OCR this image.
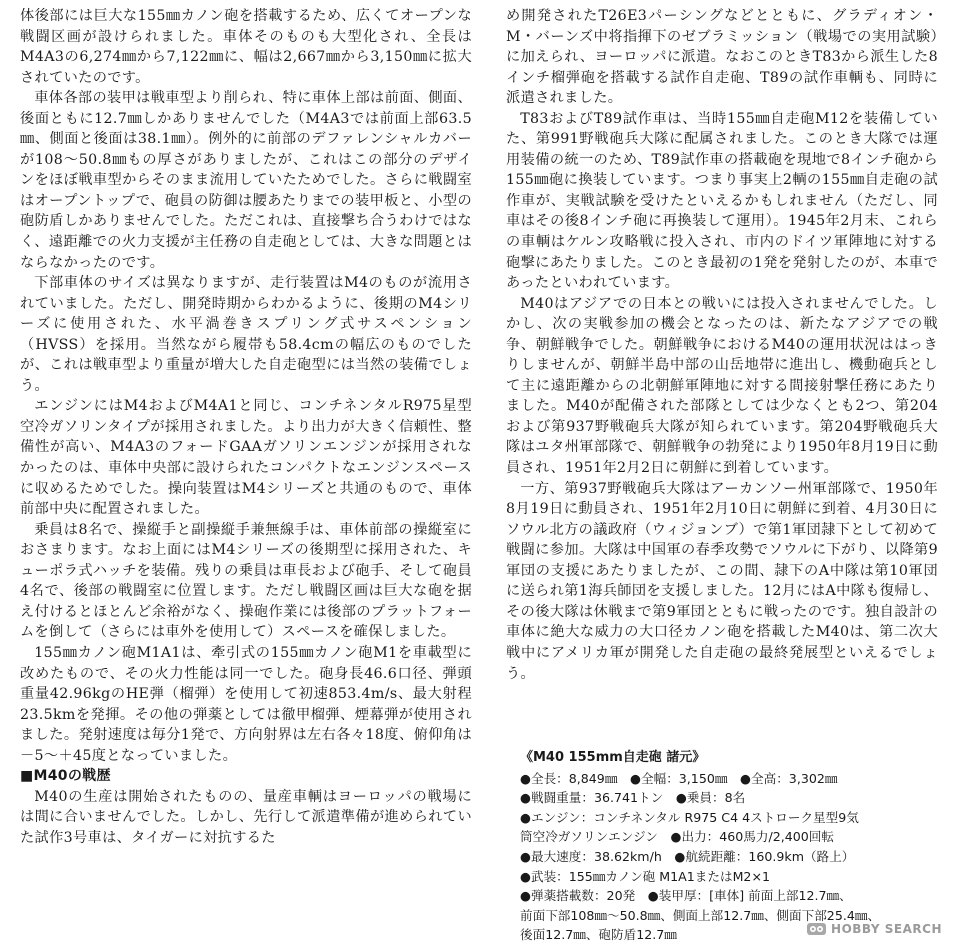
体後部には巨大な155㎜カノン砲を搭載するため、広くてオープンな戦闘区画が設けられました。車体そのものも大型化され、全長はM4A3の6,274㎜から7,122㎜に、幅は2,667㎜から3,150㎜に拡大されていたのです。

車体各部の装甲は戦車型より削られ、特に車体上部は前面、側面、後面ともに12.7㎜しかありませんでした（M4A3では前面上部63.5㎜、側面と後面は38.1㎜）。例外的に前部のデファレンシャルカバーが108～50.8㎜もの厚さがありましたが、これはこの部分のデザインをほぼ戦車型からそのまま流用していたためでした。さらに戦闘室はオープントップで、砲員の防御は腰あたりまでの装甲板と、小型の砲防盾しかありませんでした。ただこれは、直接撃ち合うわけではなく、遠距離での火力支援が主任務の自走砲としては、大きな問題とはならなかったのです。

下部車体のサイズは異なりますが、走行装置はM4のものが流用されていました。ただし、開発時期からわかるように、後期のM4シリーズに使用された、水平渦巻きスプリング式サスペンション（HVSS）を採用。当然ながら履帯も58.4cmの幅広のものでしたが、これは戦車型より重量が増大した自走砲型には当然の装備でしょう。

エンジンにはM4およびM4A1と同じ、コンチネンタルR975星型空冷ガソリンタイプが採用されました。より出力が大きく信頼性、整備性が高い、M4A3のフォードGAAガソリンエンジンが採用されなかったのは、車体中央部に設けられたコンパクトなエンジンスペースに収めるためでした。操向装置はM4シリーズと共通のもので、車体前部中央に配置されました。

乗員は8名で、操縦手と副操縦手兼無線手は、車体前部の操縦室におさまります。なお上面にはM4シリーズの後期型に採用された、キューポラ式ハッチを装備。残りの乗員は車長および砲手、そして砲員4名で、後部の戦闘室に位置します。ただし戦闘区画は巨大な砲を据え付けるとほとんど余裕がなく、操砲作業には後部のプラットフォームを倒して（さらには車外を使用して）スペースを確保しました。

155㎜カノン砲M1A1は、牽引式の155㎜カノン砲M1を車載型に改めたもので、その火力性能は同一でした。砲身長46.6口径、弾頭重量42.96kgのHE弾（榴弾）を使用して初速853.4m/s、最大射程23.5kmを発揮。その他の弾薬としては徹甲榴弾、煙幕弾が使用されました。発射速度は毎分1発で、方向射界は左右各々18度、俯仰角は－5～＋45度となっていました。

■M40の戦歴

M40の生産は開始されたものの、量産車輌はヨーロッパの戦場には間に合いませんでした。しかし、先行して派遣準備が進められていた試作3号車は、タイガーに対抗するた

め開発されたT26E3パーシングなどとともに、グラディオン・M・バーンズ中将指揮下のゼブラミッション（戦場での実用試験）に加えられ、ヨーロッパに派遣。なおこのときT83から派生した8インチ榴弾砲を搭載する試作自走砲、T89の試作車輌も、同時に派遣されました。

T83およびT89試作車は、当時155㎜自走砲M12を装備していた、第991野戦砲兵大隊に配属されました。このとき大隊では運用装備の統一のため、T89試作車の搭載砲を現地で8インチ砲から155㎜砲に換装しています。つまり事実上2輌の155㎜自走砲の試作車が、実戦試験を受けたといえるかもしれません（ただし、同車はその後8インチ砲に再換装して運用）。1945年2月末、これらの車輌はケルン攻略戦に投入され、市内のドイツ軍陣地に対する砲撃にあたりました。このとき最初の1発を発射したのが、本車であったといわれています。

M40はアジアでの日本との戦いには投入されませんでした。しかし、次の実戦参加の機会となったのは、新たなアジアでの戦争、朝鮮戦争でした。朝鮮戦争におけるM40の運用状況ははっきりしませんが、朝鮮半島中部の山岳地帯に進出し、機動砲兵として主に遠距離からの北朝鮮軍陣地に対する間接射撃任務にあたりました。M40が配備された部隊としては少なくとも2つ、第204および第937野戦砲兵大隊が知られています。第204野戦砲兵大隊はユタ州軍部隊で、朝鮮戦争の勃発により1950年8月19日に動員され、1951年2月2日に朝鮮に到着しています。

一方、第937野戦砲兵大隊はアーカンソー州軍部隊で、1950年8月19日に動員され、1951年2月10日に朝鮮に到着、4月30日にソウル北方の議政府（ウィジョンブ）で第1軍団隷下として初めて戦闘に参加。大隊は中国軍の春季攻勢でソウルに下がり、以降第9軍団の支援にあたりましたが、この間、隷下のA中隊は第10軍団に送られ第1海兵師団を支援しました。12月にはA中隊も復帰し、その後大隊は休戦まで第9軍団とともに戦ったのです。独自設計の車体に絶大な威力の大口径カノン砲を搭載したM40は、第二次大戦中にアメリカ軍が開発した自走砲の最終発展型といえるでしょう。

《M40 155mm自走砲 諸元》
●全長：8,849㎜　 ●全幅：3,150㎜　 ●全高：3,302㎜
●戦闘重量：36.741トン　 ●乗員：8名
●エンジン：コンチネンタル R975 C4 4ストローク星型9気
筒空冷ガソリンエンジン　 ●出力：460馬力/2,400回転
●最大速度：38.62km/h　 ●航続距離：160.9km（路上）
●武装：155㎜カノン砲 M1A1またはM2×1
●弾薬搭載数：20発　 ●装甲厚：[車体] 前面上部12.7㎜、
前面下部108㎜～50.8㎜、側面上部12.7㎜、側面下部25.4㎜、
後面12.7㎜、砲防盾12.7㎜	HOBBY SEARCH
